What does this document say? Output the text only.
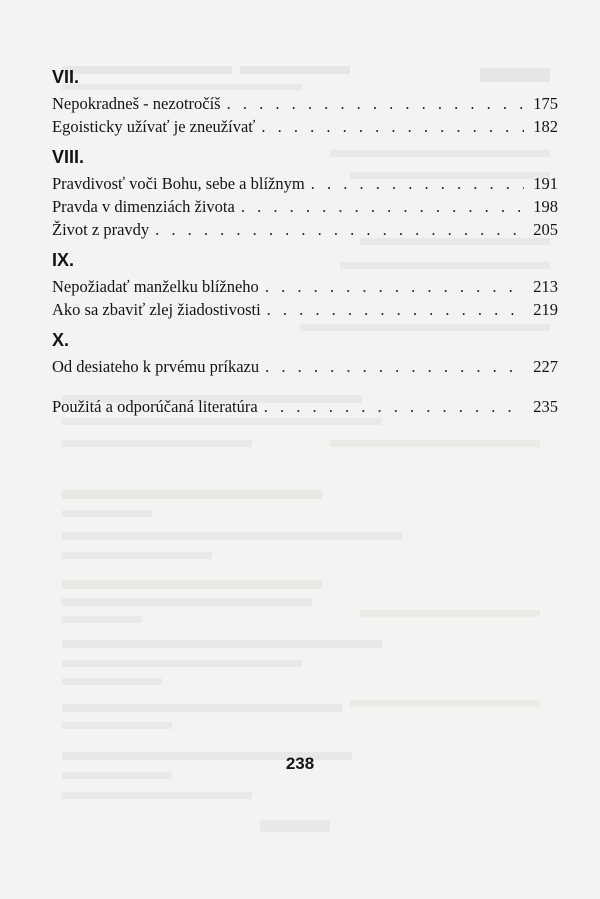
VII.
Nepokradneš - nezotročíš . . .	175
Egoisticky užívať je zneužívať . . .	182
VIII.
Pravdivosť voči Bohu, sebe a blížnym . . .	191
Pravda v dimenziách života . . .	198
Život z pravdy . . .	205
IX.
Nepožiadať manželku blížneho . . .	213
Ako sa zbaviť zlej žiadostivosti . . .	219
X.
Od desiateho k prvému príkazu . . .	227
Použitá a odporúčaná literatúra . . .	235
238
